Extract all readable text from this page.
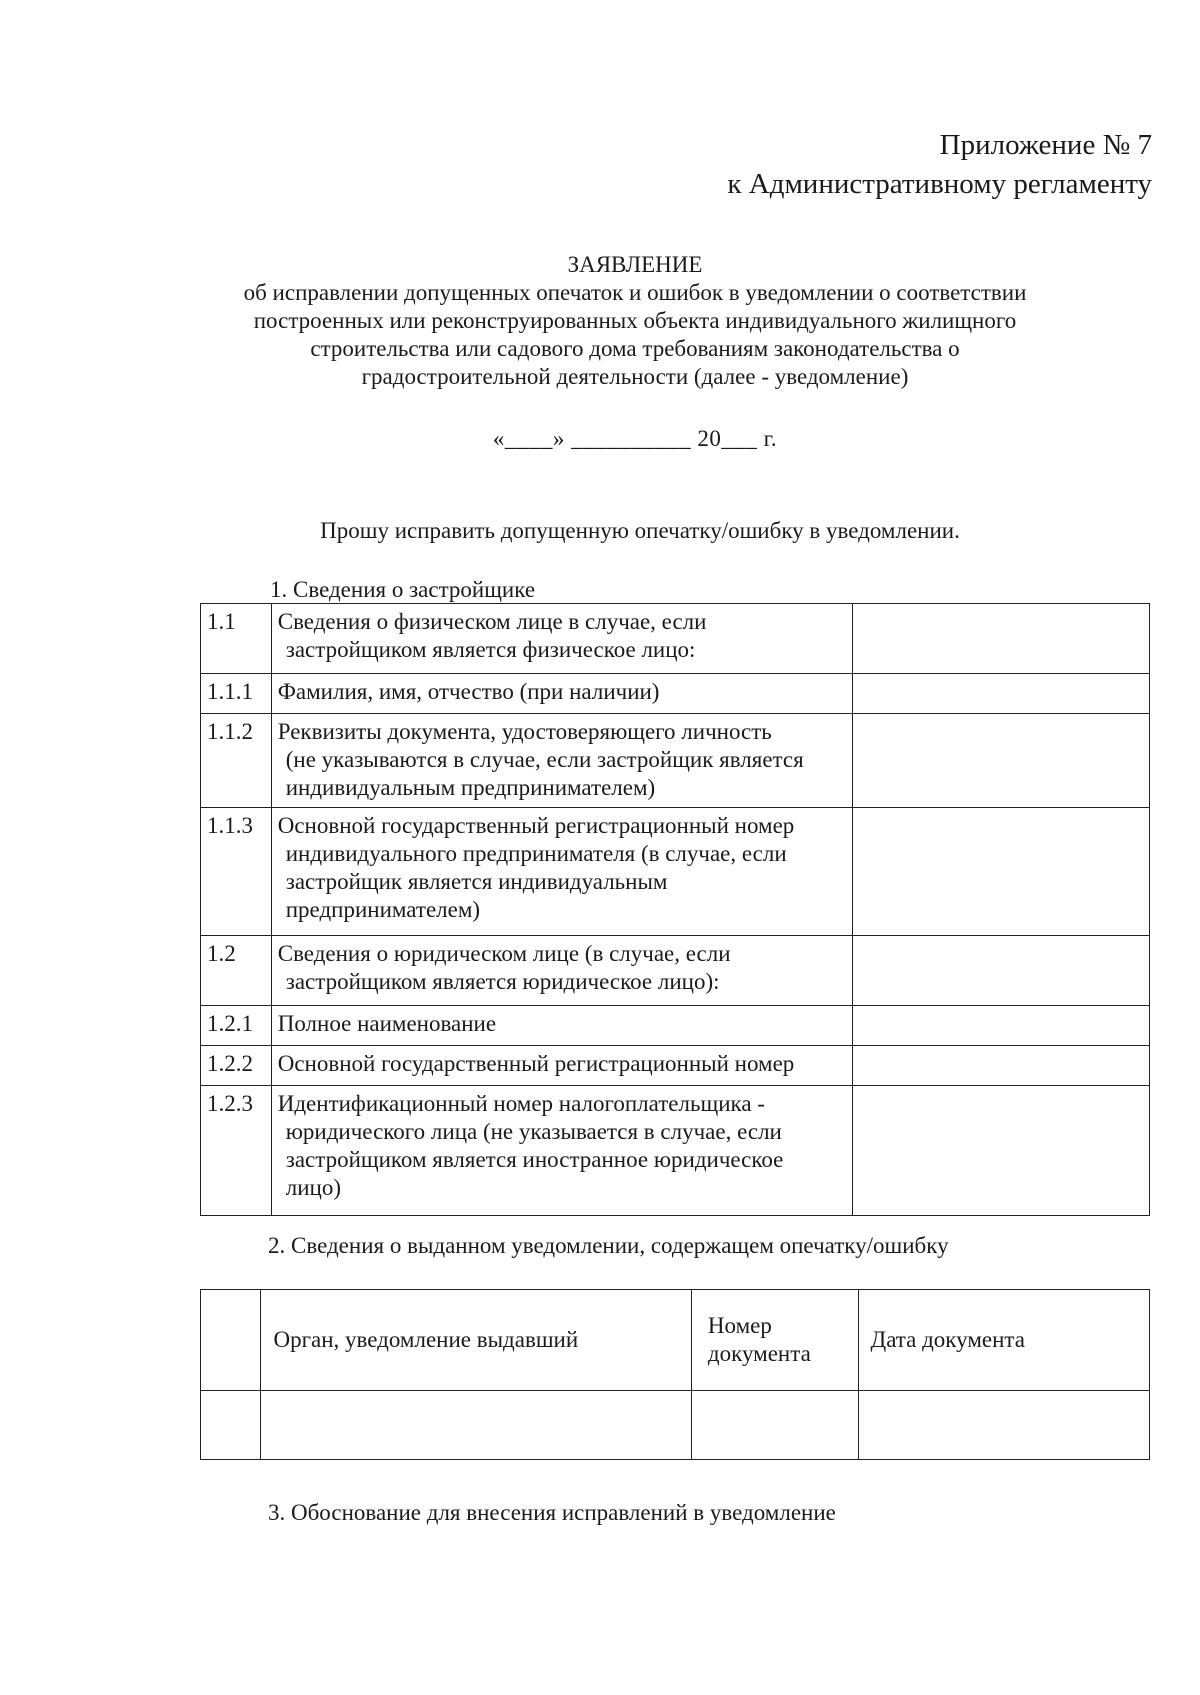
Приложение № 7
к Административному регламенту
ЗАЯВЛЕНИЕ
об исправлении допущенных опечаток и ошибок в уведомлении о соответствии
построенных или реконструированных объекта индивидуального жилищного
строительства или садового дома требованиям законодательства о
градостроительной деятельности (далее - уведомление)
«____» __________ 20___ г.
Прошу исправить допущенную опечатку/ошибку в уведомлении.
1. Сведения о застройщике
1.1	Сведения о физическом лице в случае, если
застройщиком является физическое лицо:	

1.1.1	Фамилия, имя, отчество (при наличии)	

1.1.2	Реквизиты документа, удостоверяющего личность
(не указываются в случае, если застройщик является
индивидуальным предпринимателем)	

1.1.3	Основной государственный регистрационный номер
индивидуального предпринимателя (в случае, если
застройщик является индивидуальным
предпринимателем)	

1.2	Сведения о юридическом лице (в случае, если
застройщиком является юридическое лицо):	

1.2.1	Полное наименование	

1.2.2	Основной государственный регистрационный номер	

1.2.3	Идентификационный номер налогоплательщика -
юридического лица (не указывается в случае, если
застройщиком является иностранное юридическое
лицо)	

2. Сведения о выданном уведомлении, содержащем опечатку/ошибку
	Орган, уведомление выдавший	Номер
документа	Дата документа

3. Обоснование для внесения исправлений в уведомление
